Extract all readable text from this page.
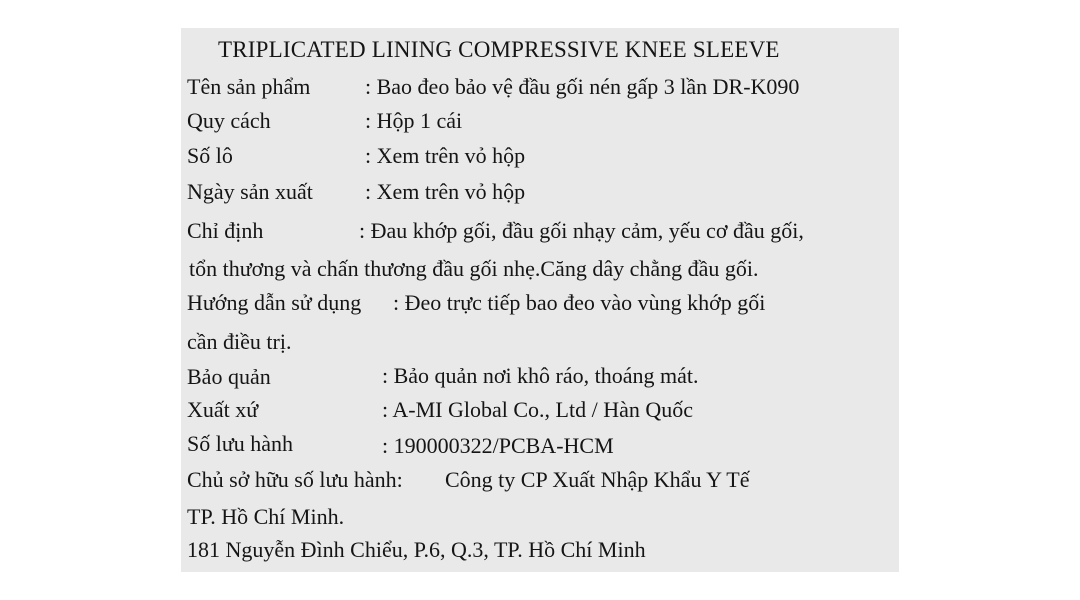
TRIPLICATED LINING COMPRESSIVE KNEE SLEEVE
Tên sản phẩm : Bao đeo bảo vệ đầu gối nén gấp 3 lần DR-K090
Quy cách	: Hộp 1 cái
Số lô	: Xem trên vỏ hộp
Ngày sản xuất : Xem trên vỏ hộp
Chỉ định	: Đau khớp gối, đầu gối nhạy cảm, yếu cơ đầu gối,
tổn thương và chấn thương đầu gối nhẹ.Căng dây chằng đầu gối.
Hướng dẫn sử dụng : Đeo trực tiếp bao đeo vào vùng khớp gối
cần điều trị.
Bảo quản	: Bảo quản nơi khô ráo, thoáng mát.
Xuất xứ	: A-MI Global Co., Ltd / Hàn Quốc
Số lưu hành	: 190000322/PCBA-HCM
Chủ sở hữu số lưu hành: Công ty CP Xuất Nhập Khẩu Y Tế
TP. Hồ Chí Minh.
181 Nguyễn Đình Chiểu, P.6, Q.3, TP. Hồ Chí Minh
